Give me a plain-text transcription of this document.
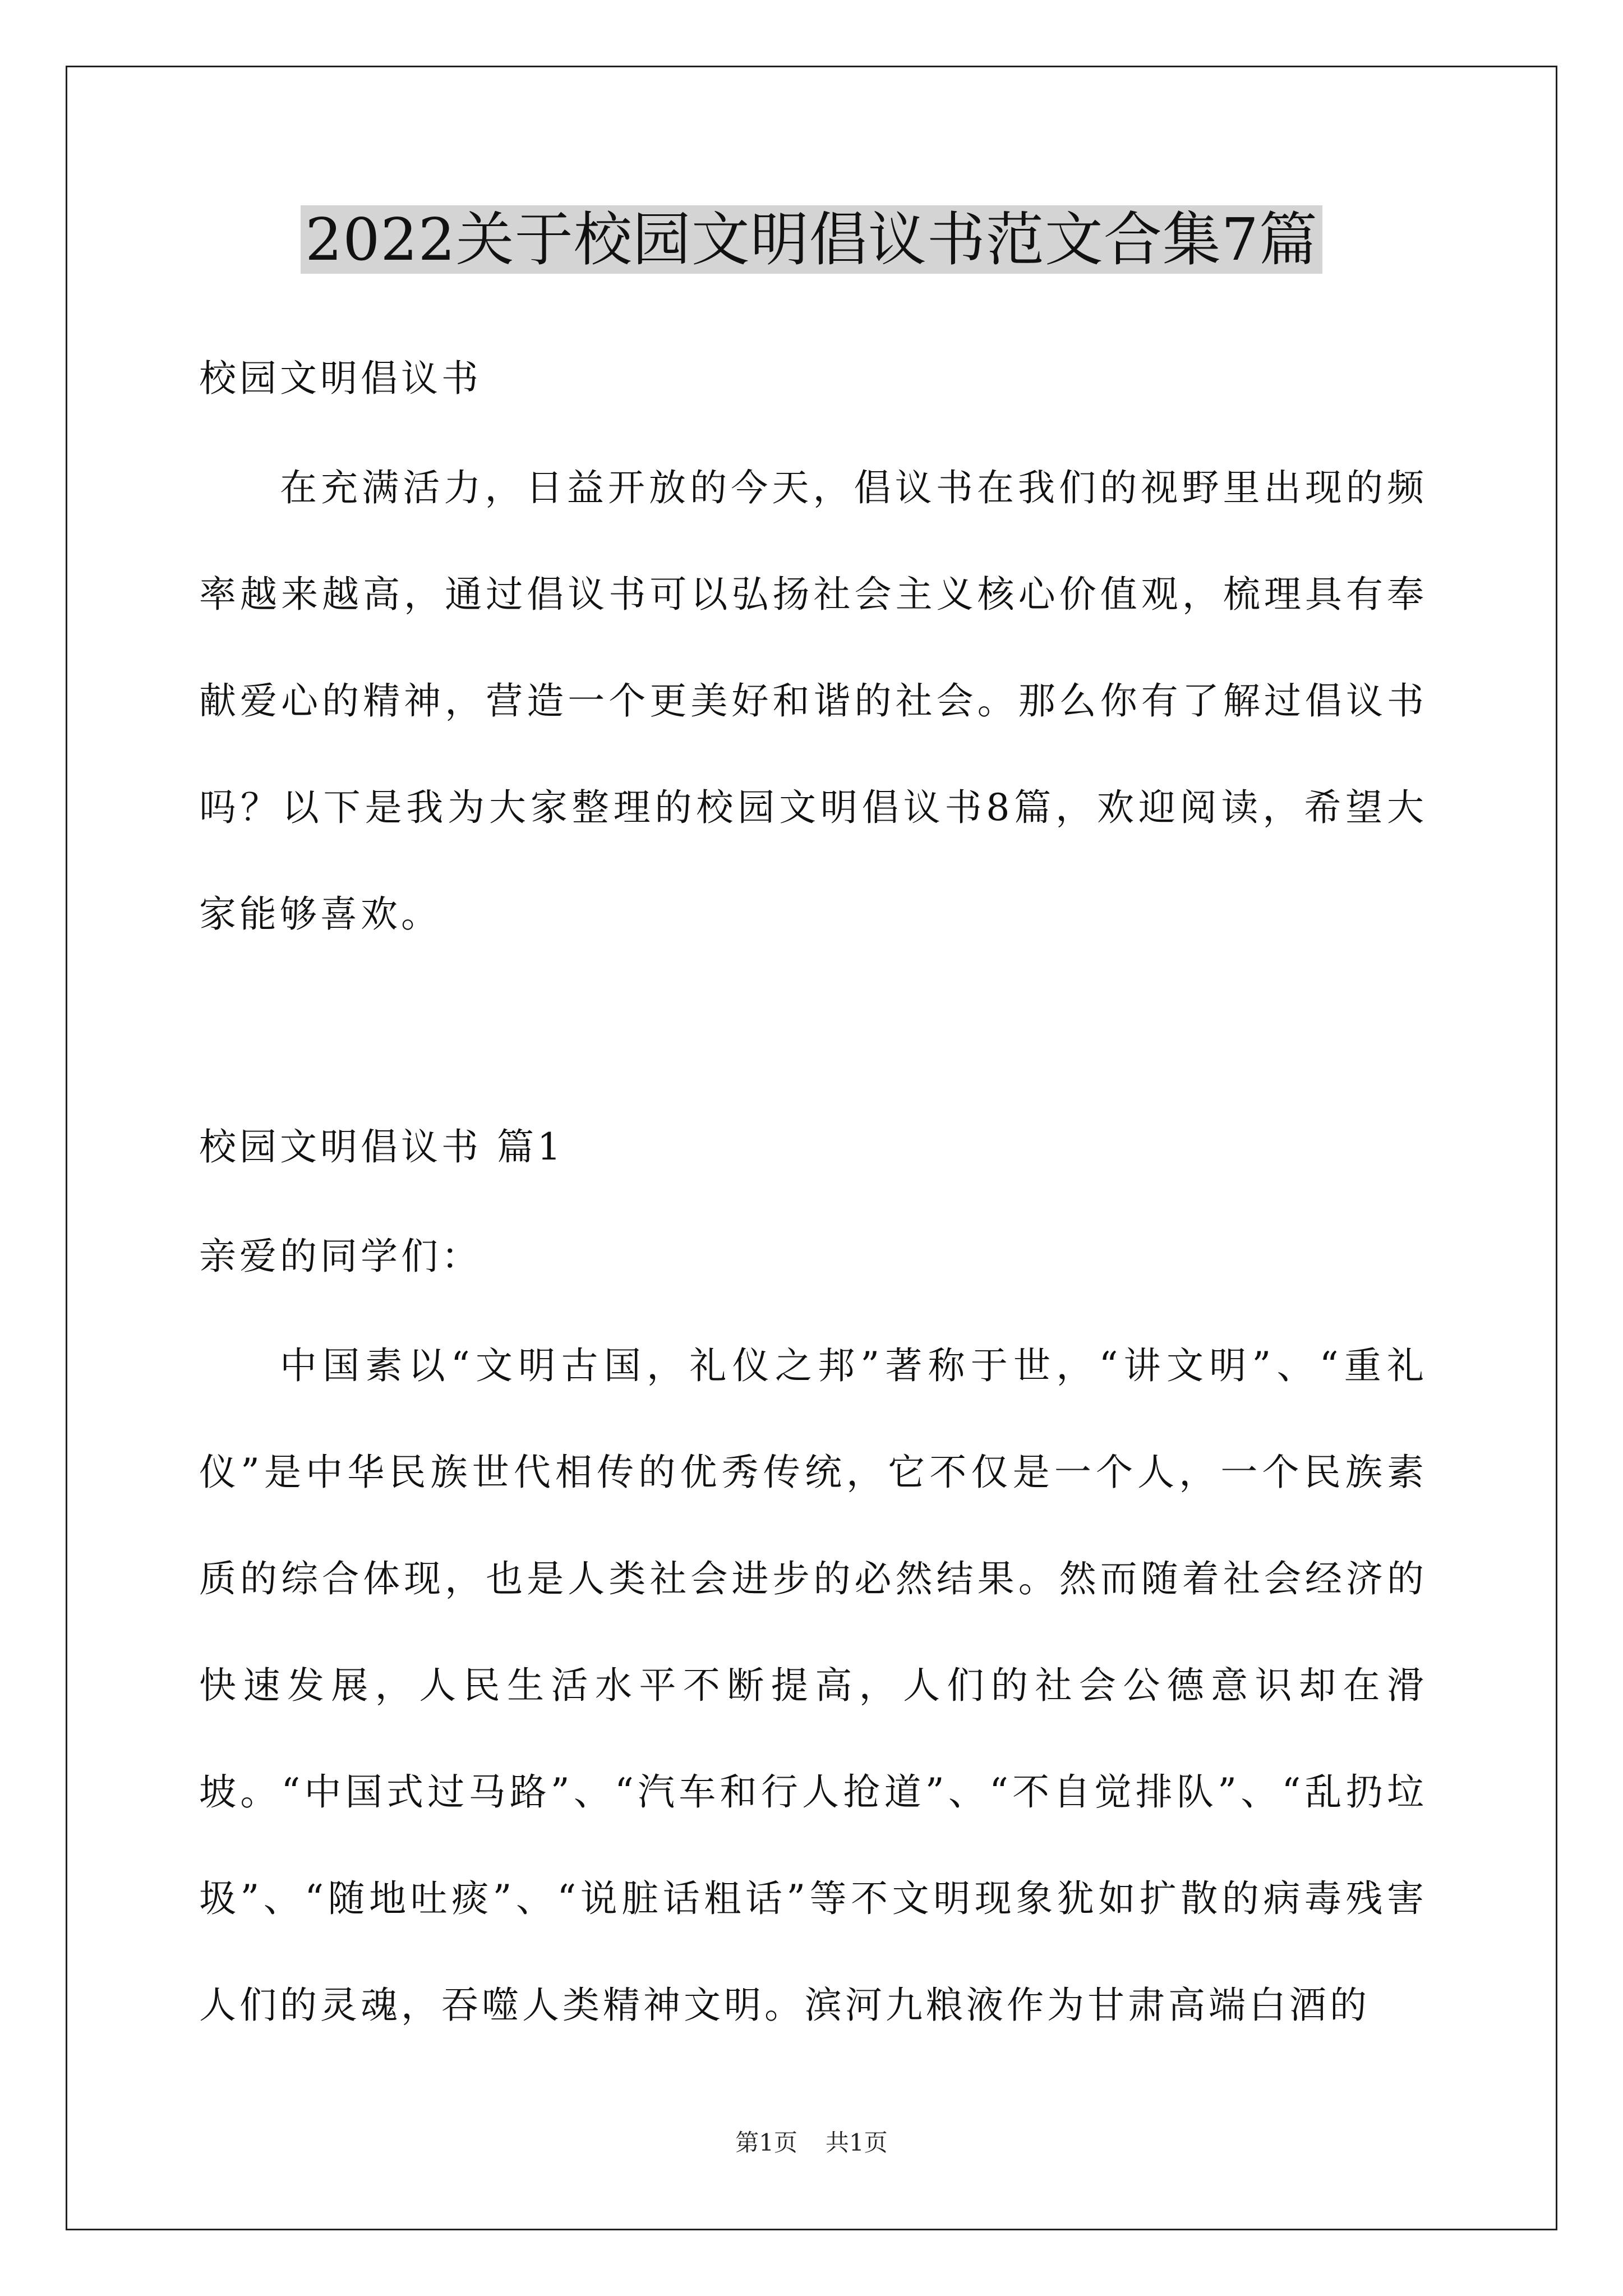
2022关于校园文明倡议书范文合集7篇

校园文明倡议书

在充满活力，日益开放的今天，倡议书在我们的视野里出现的频率越来越高，通过倡议书可以弘扬社会主义核心价值观，梳理具有奉献爱心的精神，营造一个更美好和谐的社会。那么你有了解过倡议书吗？以下是我为大家整理的校园文明倡议书8篇，欢迎阅读，希望大家能够喜欢。

校园文明倡议书 篇1

亲爱的同学们：

中国素以“文明古国，礼仪之邦”著称于世，“讲文明”、“重礼仪”是中华民族世代相传的优秀传统，它不仅是一个人，一个民族素质的综合体现，也是人类社会进步的必然结果。然而随着社会经济的快速发展，人民生活水平不断提高，人们的社会公德意识却在滑坡。“中国式过马路”、“汽车和行人抢道”、“不自觉排队”、“乱扔垃圾”、“随地吐痰”、“说脏话粗话”等不文明现象犹如扩散的病毒残害人们的灵魂，吞噬人类精神文明。滨河九粮液作为甘肃高端白酒的

第1页 共1页
